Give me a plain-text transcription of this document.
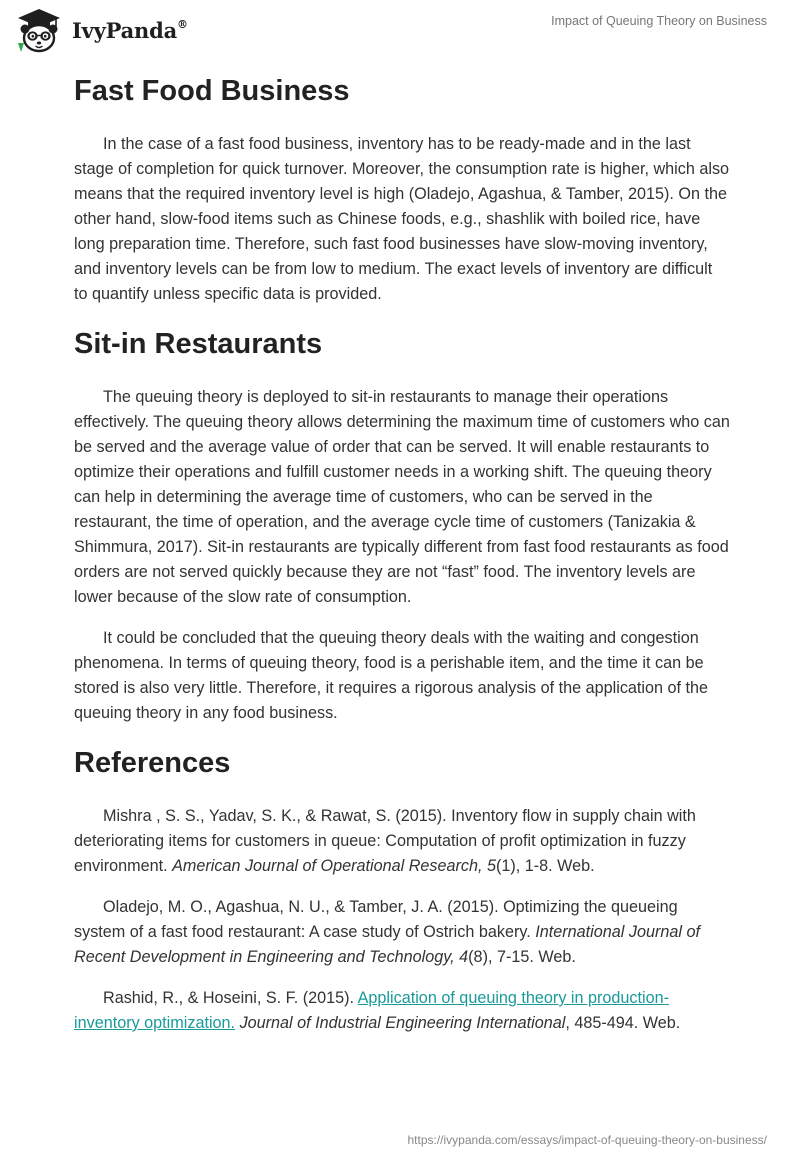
IvyPanda®	Impact of Queuing Theory on Business
Fast Food Business

In the case of a fast food business, inventory has to be ready-made and in the last stage of completion for quick turnover. Moreover, the consumption rate is higher, which also means that the required inventory level is high (Oladejo, Agashua, & Tamber, 2015). On the other hand, slow-food items such as Chinese foods, e.g., shashlik with boiled rice, have long preparation time. Therefore, such fast food businesses have slow-moving inventory, and inventory levels can be from low to medium. The exact levels of inventory are difficult to quantify unless specific data is provided.

Sit-in Restaurants

The queuing theory is deployed to sit-in restaurants to manage their operations effectively. The queuing theory allows determining the maximum time of customers who can be served and the average value of order that can be served. It will enable restaurants to optimize their operations and fulfill customer needs in a working shift. The queuing theory can help in determining the average time of customers, who can be served in the restaurant, the time of operation, and the average cycle time of customers (Tanizakia & Shimmura, 2017). Sit-in restaurants are typically different from fast food restaurants as food orders are not served quickly because they are not “fast” food. The inventory levels are lower because of the slow rate of consumption.

It could be concluded that the queuing theory deals with the waiting and congestion phenomena. In terms of queuing theory, food is a perishable item, and the time it can be stored is also very little. Therefore, it requires a rigorous analysis of the application of the queuing theory in any food business.

References

Mishra , S. S., Yadav, S. K., & Rawat, S. (2015). Inventory flow in supply chain with deteriorating items for customers in queue: Computation of profit optimization in fuzzy environment. American Journal of Operational Research, 5(1), 1-8. Web.

Oladejo, M. O., Agashua, N. U., & Tamber, J. A. (2015). Optimizing the queueing system of a fast food restaurant: A case study of Ostrich bakery. International Journal of Recent Development in Engineering and Technology, 4(8), 7-15. Web.

Rashid, R., & Hoseini, S. F. (2015). Application of queuing theory in production-inventory optimization. Journal of Industrial Engineering International, 485-494. Web.

https://ivypanda.com/essays/impact-of-queuing-theory-on-business/
